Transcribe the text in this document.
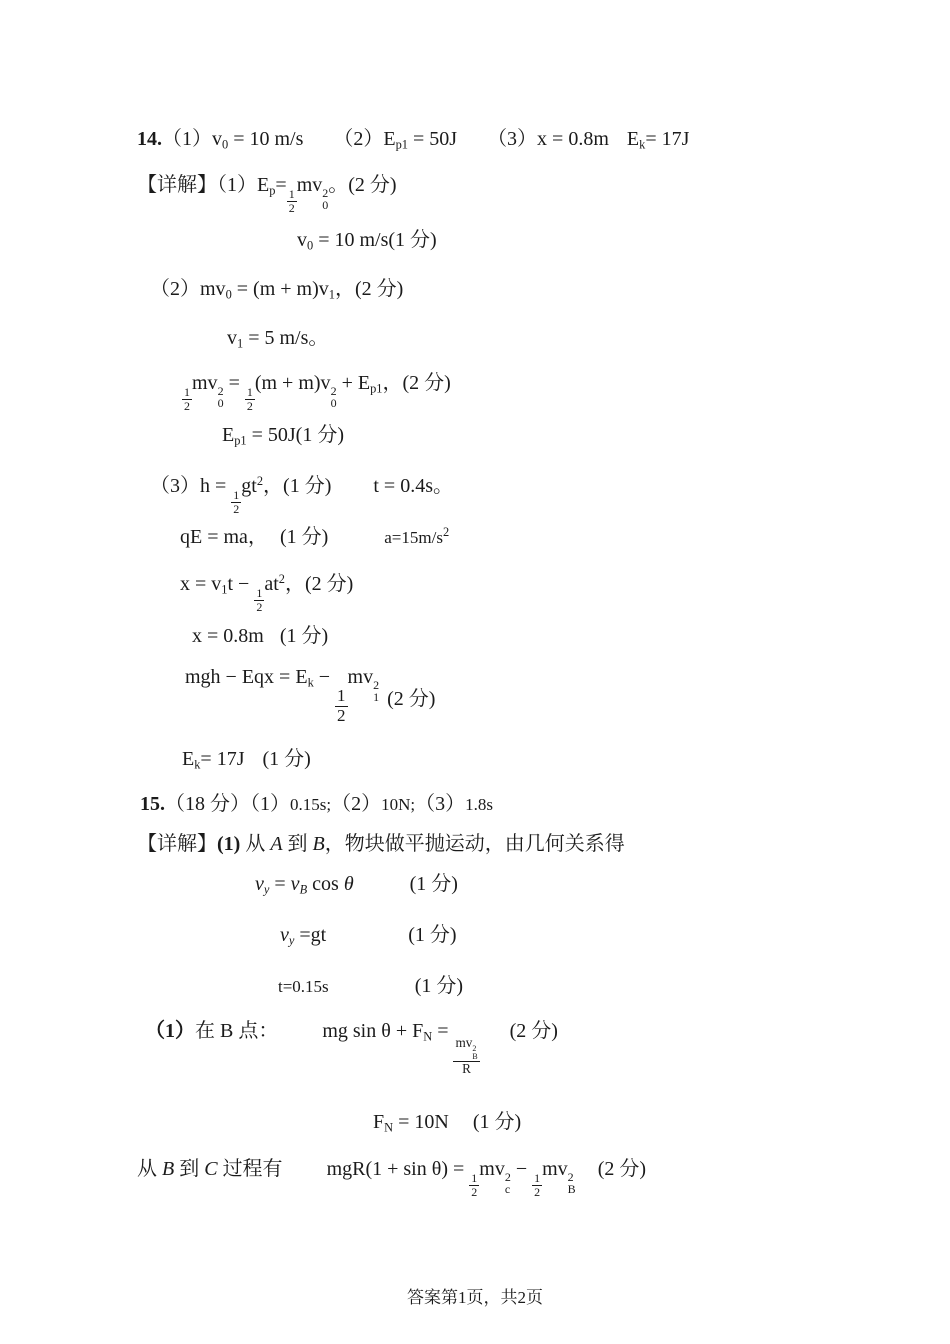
$14.(1)v_0 = 10$ m/s $(2)E_{p1} = 50J$ （3）x = 0.8m $E_k= 17J$
【详解】$(1)E_p=$
$\frac{1}{2}$
mv 2
0
。(2 分)
$v_0 = 10$ m/s(1 分)
$(2)mv_0 = (m + m)v_1$，(2 分)
$v_1 = 5$ m/s。
$\frac{1}{2}$
mv 2
0
=
$\frac{1}{2}$
(m + m)v 2
0
+ $E_{p1}$，(2 分)
$E_{p1} = 50J(1$ 分)
（3）h =
$\frac{1}{2}$
$gt^2$，(1 分) t = 0.4s。
qE = ma， (1 分)	$a=15m/s^2$
$x = v_1t$ −
$\frac{1}{2}$
$at^2$，(2 分)
x = 0.8m (1 分)
mgh − Eqx = $E_k$ −
$\frac{1}{2}$
mv 2
1 (2 分)
$E_k= 17J$ (1 分)
15.（18 分）（1）0.15s;（2）10N;（3）1.8s
【详解】(1) 从 A 到 B，物块做平抛运动，由几何关系得
$v_y = v_B$ cos θ	(1 分)
$v_y =gt$	(1 分)
t=0.15s	(1 分)
（1）在 B 点： mg $\sin \theta + F_N$ =
mv 2
B
R
(2 分)
$F_N = 10N$ (1 分)
从 B 到 C 过程有 mgR(1 + sin θ) =
$\frac{1}{2}$
mv 2
c
−
$\frac{1}{2}$
mv 2
B
(2 分)
答案第1页，共2页
